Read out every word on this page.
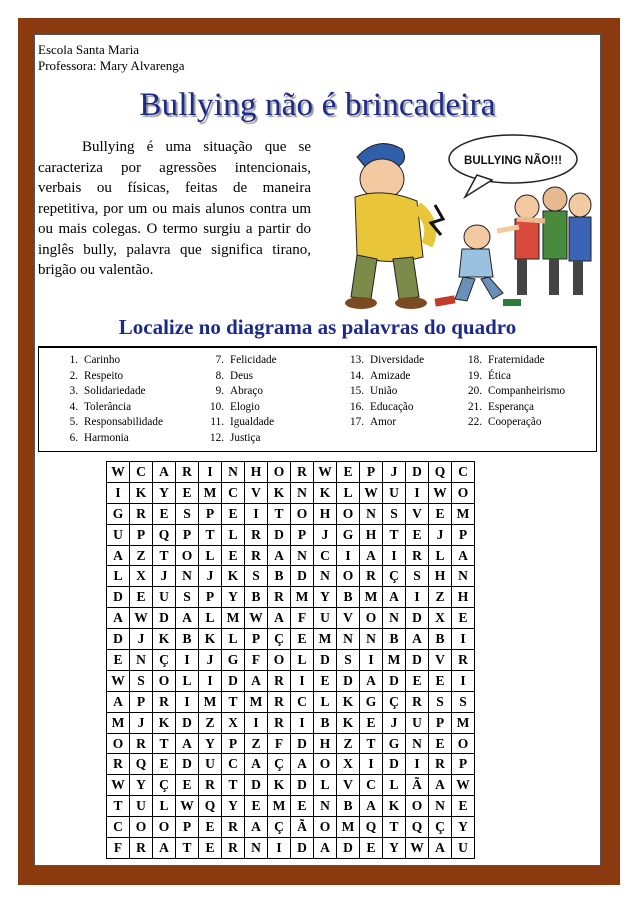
Escola Santa Maria
Professora: Mary Alvarenga
Bullying não é brincadeira

Bullying é uma situação que se caracteriza por agressões intencionais, verbais ou físicas, feitas de maneira repetitiva, por um ou mais alunos contra um ou mais colegas. O termo surgiu a partir do inglês bully, palavra que significa tirano, brigão ou valentão.

BULLYING NÃO!!!
Localize no diagrama as palavras do quadro
1. Carinho
2. Respeito
3. Solidariedade
4. Tolerância
5. Responsabilidade
6. Harmonia
7. Felicidade
8. Deus
9. Abraço
10. Elogio
11. Igualdade
12. Justiça
13. Diversidade
14. Amizade
15. União
16. Educação
17. Amor
18. Fraternidade
19. Ética
20. Companheirismo
21. Esperança
22. Cooperação
W	C	A	R	I	N	H	O	R	W	E	P	J	D	Q	C
I	K	Y	E	M	C	V	K	N	K	L	W	U	I	W	O
G	R	E	S	P	E	I	T	O	H	O	N	S	V	E	M
U	P	Q	P	T	L	R	D	P	J	G	H	T	E	J	P
A	Z	T	O	L	E	R	A	N	C	I	A	I	R	L	A
L	X	J	N	J	K	S	B	D	N	O	R	Ç	S	H	N
D	E	U	S	P	Y	B	R	M	Y	B	M	A	I	Z	H
A	W	D	A	L	M	W	A	F	U	V	O	N	D	X	E
D	J	K	B	K	L	P	Ç	E	M	N	N	B	A	B	I
E	N	Ç	I	J	G	F	O	L	D	S	I	M	D	V	R
W	S	O	L	I	D	A	R	I	E	D	A	D	E	E	I
A	P	R	I	M	T	M	R	C	L	K	G	Ç	R	S	S
M	J	K	D	Z	X	I	R	I	B	K	E	J	U	P	M
O	R	T	A	Y	P	Z	F	D	H	Z	T	G	N	E	O
R	Q	E	D	U	C	A	Ç	A	O	X	I	D	I	R	P
W	Y	Ç	E	R	T	D	K	D	L	V	C	L	Ã	A	W
T	U	L	W	Q	Y	E	M	E	N	B	A	K	O	N	E
C	O	O	P	E	R	A	Ç	Ã	O	M	Q	T	Q	Ç	Y
F	R	A	T	E	R	N	I	D	A	D	E	Y	W	A	U
